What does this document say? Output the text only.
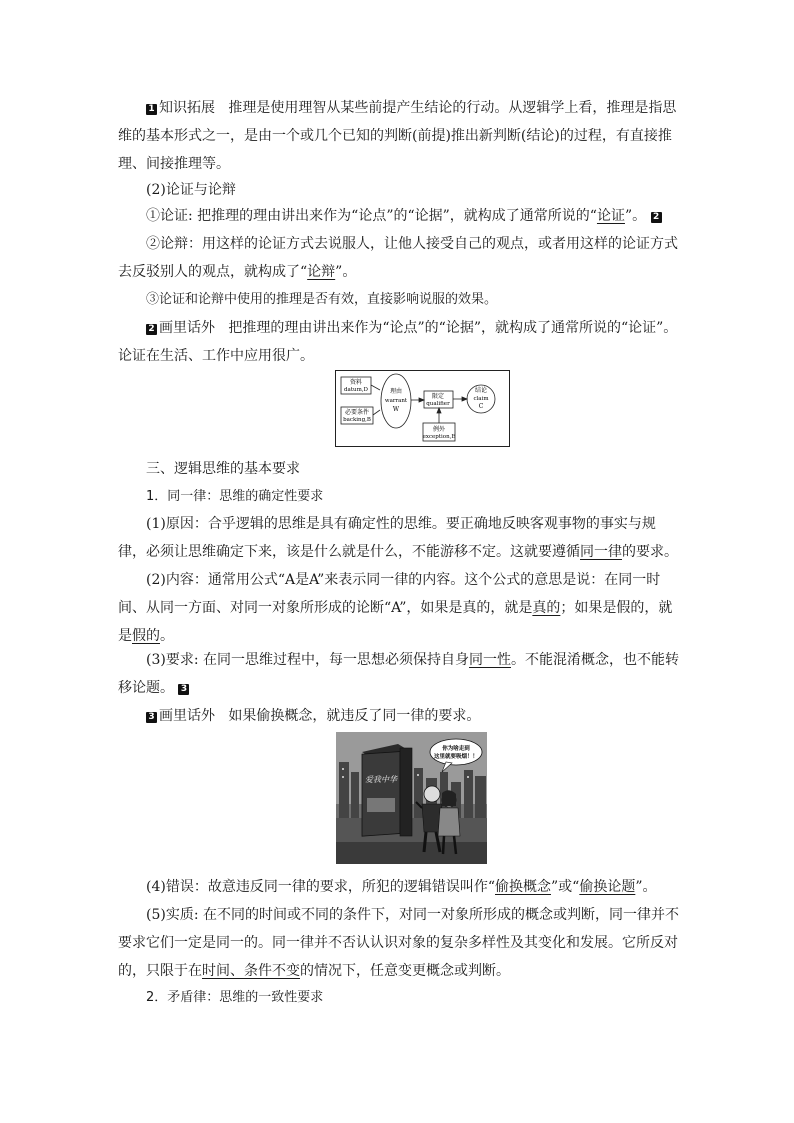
1 知识拓展 推理是使用理智从某些前提产生结论的行动。从逻辑学上看，推理是指思维的基本形式之一，是由一个或几个已知的判断(前提)推出新判断(结论)的过程，有直接推理、间接推理等。

(2)论证与论辩

①论证: 把推理的理由讲出来作为“论点”的“论据”，就构成了通常所说的“论证”。 2

②论辩：用这样的论证方式去说服人，让他人接受自己的观点，或者用这样的论证方式去反驳别人的观点，就构成了“论辩”。

③论证和论辩中使用的推理是否有效，直接影响说服的效果。

2 画里话外 把推理的理由讲出来作为“论点”的“论据”，就构成了通常所说的“论证”。论证在生活、工作中应用很广。

资料
datum,D
必要条件
backing,B
理由
warrant
W
限定
qualifier
例外
exception,E
结论
claim
C
三、逻辑思维的基本要求
1．同一律：思维的确定性要求

(1)原因：合乎逻辑的思维是具有确定性的思维。要正确地反映客观事物的事实与规律，必须让思维确定下来，该是什么就是什么，不能游移不定。这就要遵循同一律的要求。

(2)内容：通常用公式“A是A”来表示同一律的内容。这个公式的意思是说：在同一时间、从同一方面、对同一对象所形成的论断“A”，如果是真的，就是真的；如果是假的，就是假的。

(3)要求: 在同一思维过程中，每一思想必须保持自身同一性。不能混淆概念，也不能转移论题。 3

3 画里话外 如果偷换概念，就违反了同一律的要求。

爱我中华
你为啥走到
这里就要吸烟！！

(4)错误：故意违反同一律的要求，所犯的逻辑错误叫作“偷换概念”或“偷换论题”。

(5)实质: 在不同的时间或不同的条件下，对同一对象所形成的概念或判断，同一律并不要求它们一定是同一的。同一律并不否认认识对象的复杂多样性及其变化和发展。它所反对的，只限于在时间、条件不变的情况下，任意变更概念或判断。

2．矛盾律：思维的一致性要求
